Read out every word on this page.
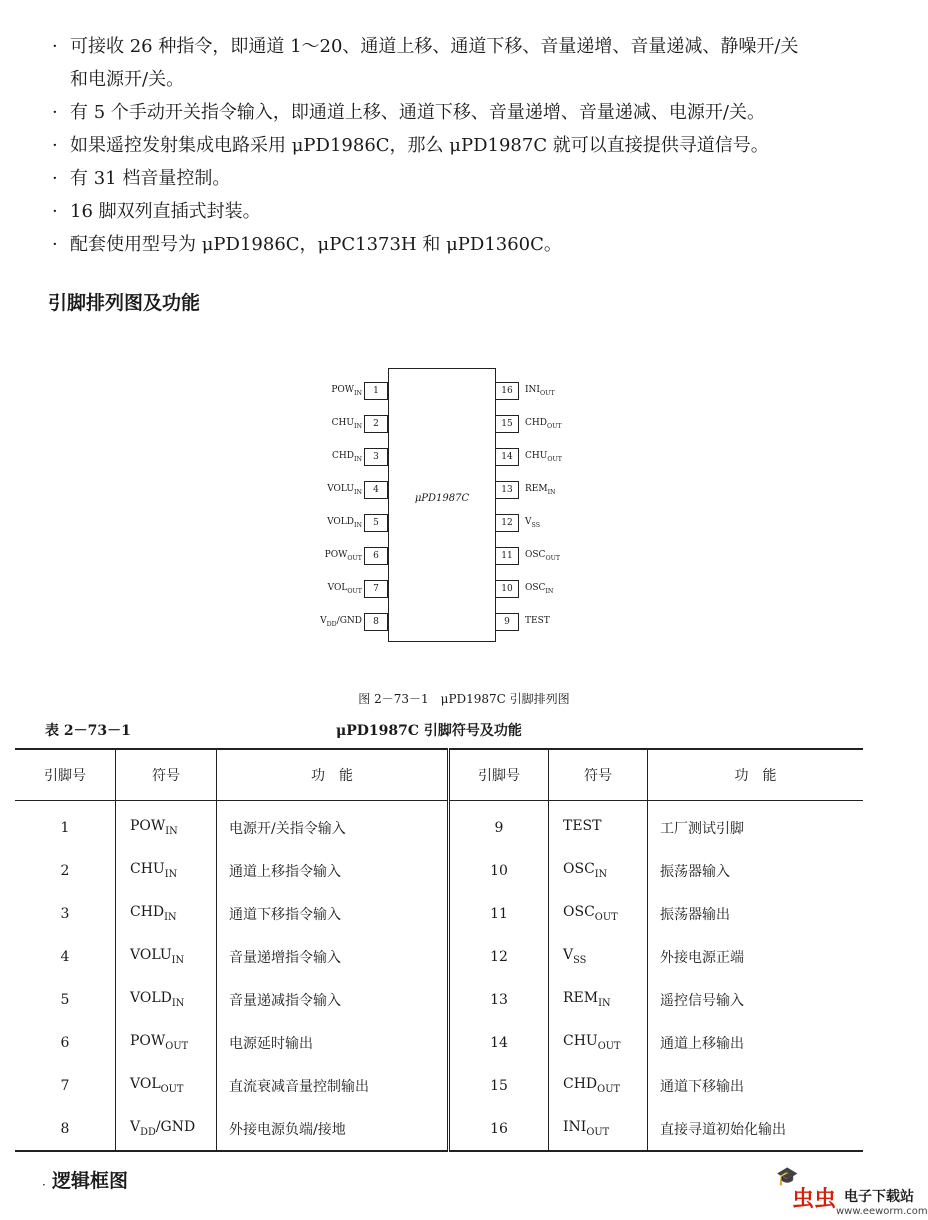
· 可接收 26 种指令，即通道 1～20、通道上移、通道下移、音量递增、音量递减、静噪开/关
和电源开/关。
· 有 5 个手动开关指令输入，即通道上移、通道下移、音量递增、音量递减、电源开/关。
· 如果遥控发射集成电路采用 μPD1986C，那么 μPD1987C 就可以直接提供寻道信号。
· 有 31 档音量控制。
· 16 脚双列直插式封装。
· 配套使用型号为 μPD1986C，μPC1373H 和 μPD1360C。
引脚排列图及功能
μPD1987C
1
$POW_{IN}$
2
$CHU_{IN}$
3
$CHD_{IN}$
4
$VOLU_{IN}$
5
$VOLD_{IN}$
6
$POW_{OUT}$
7
$VOL_{OUT}$
8
$V_{DD}$/GND
16	$INI_{OUT}$
15	$CHD_{OUT}$
14	$CHU_{OUT}$
13	$REM_{IN}$
12	$V_{SS}$
11	$OSC_{OUT}$
10	$OSC_{IN}$
9	TEST
图 2－73－1　μPD1987C 引脚排列图
表 2－73－1	μPD1987C 引脚符号及功能
引脚号	符号	功　能	引脚号	符号	功　能
1	$POW_{IN}$	电源开/关指令输入	9	TEST	工厂测试引脚
2	$CHU_{IN}$	通道上移指令输入	10	$OSC_{IN}$	振荡器输入
3	$CHD_{IN}$	通道下移指令输入	11	$OSC_{OUT}$	振荡器输出
4	$VOLU_{IN}$	音量递增指令输入	12	$V_{SS}$	外接电源正端
5	$VOLD_{IN}$	音量递减指令输入	13	$REM_{IN}$	遥控信号输入
6	$POW_{OUT}$	电源延时输出	14	$CHU_{OUT}$	通道上移输出
7	$VOL_{OUT}$	直流衰减音量控制输出	15	$CHD_{OUT}$	通道下移输出
8	$V_{DD}$/GND	外接电源负端/接地	16	$INI_{OUT}$	直接寻道初始化输出
· 逻辑框图	🎓
虫虫 电子下载站
www.eeworm.com
